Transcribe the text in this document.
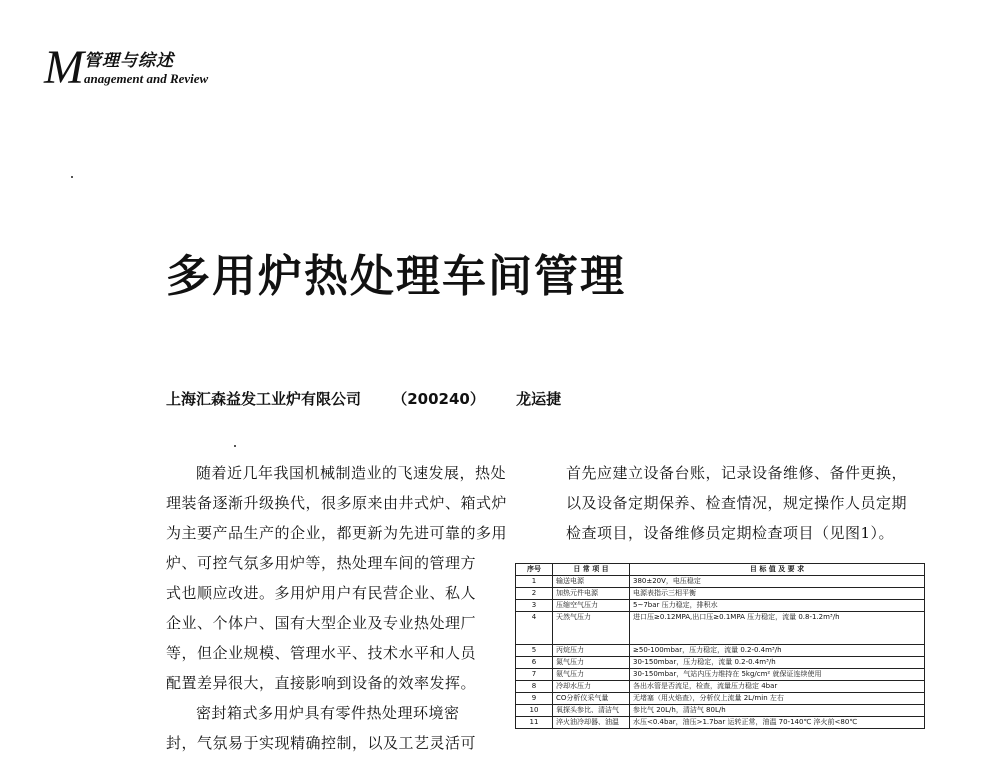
M 管理与综述
anagement and Review
多用炉热处理车间管理
上海汇森益发工业炉有限公司 （200240） 龙运捷
随着近几年我国机械制造业的飞速发展，热处
理装备逐渐升级换代，很多原来由井式炉、箱式炉
为主要产品生产的企业，都更新为先进可靠的多用
炉、可控气氛多用炉等，热处理车间的管理方
式也顺应改进。多用炉用户有民营企业、私人
企业、个体户、国有大型企业及专业热处理厂
等，但企业规模、管理水平、技术水平和人员
配置差异很大，直接影响到设备的效率发挥。
密封箱式多用炉具有零件热处理环境密
封，气氛易于实现精确控制，以及工艺灵活可
首先应建立设备台账，记录设备维修、备件更换，
以及设备定期保养、检查情况，规定操作人员定期
检查项目，设备维修员定期检查项目（见图1）。
序号	日 常 项 目	目 标 值 及 要 求
1	输送电源	380±20V，电压稳定
2	加热元件电源	电源表指示三相平衡
3	压缩空气压力	5~7bar 压力稳定，排积水
4	天然气压力	进口压≥0.12MPA,出口压≥0.1MPA 压力稳定，流量 0.8-1.2m³/h
5	丙烷压力	≥50-100mbar，压力稳定，流量 0.2-0.4m³/h
6	氮气压力	30-150mbar，压力稳定，流量 0.2-0.4m³/h
7	氨气压力	30-150mbar，气站内压力维持在 5kg/cm² 就保证连续使用
8	冷却水压力	各出水管是否流足，检查，流量压力稳定 4bar
9	CO分析仪采气量	无堵塞（用火焰查），分析仪上流量 2L/min 左右
10	氧探头参比、清洁气	参比气 20L/h，清洁气 80L/h
11	淬火油冷却器、油温	水压<0.4bar，油压>1.7bar 运转正常，油温 70-140℃ 淬火前<80℃
